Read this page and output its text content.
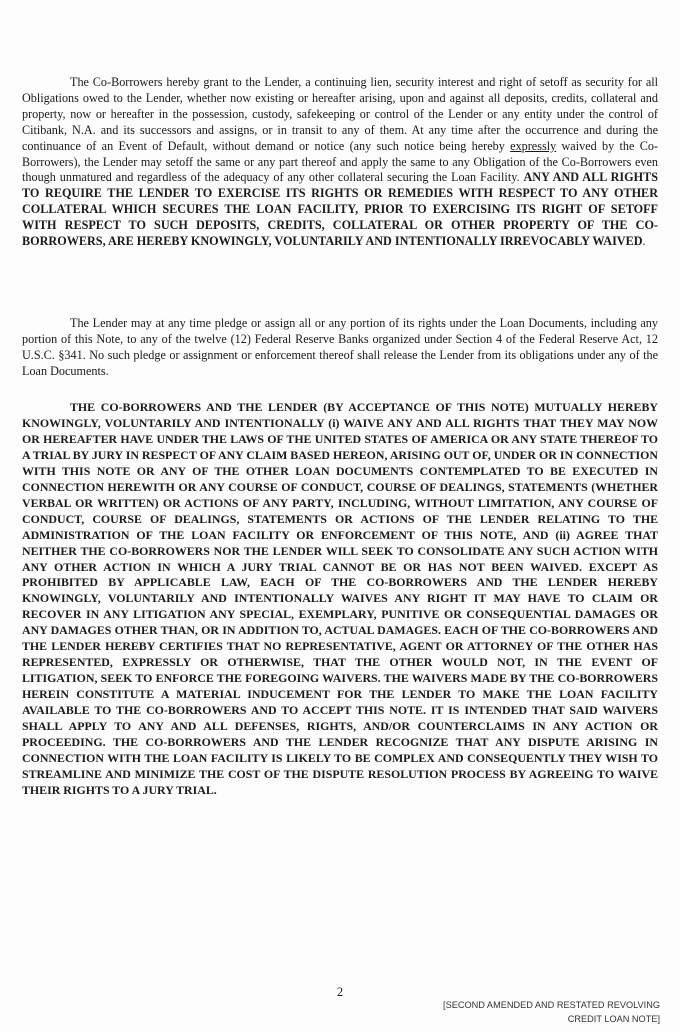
The Co-Borrowers hereby grant to the Lender, a continuing lien, security interest and right of setoff as security for all Obligations owed to the Lender, whether now existing or hereafter arising, upon and against all deposits, credits, collateral and property, now or hereafter in the possession, custody, safekeeping or control of the Lender or any entity under the control of Citibank, N.A. and its successors and assigns, or in transit to any of them. At any time after the occurrence and during the continuance of an Event of Default, without demand or notice (any such notice being hereby expressly waived by the Co-Borrowers), the Lender may setoff the same or any part thereof and apply the same to any Obligation of the Co-Borrowers even though unmatured and regardless of the adequacy of any other collateral securing the Loan Facility. ANY AND ALL RIGHTS TO REQUIRE THE LENDER TO EXERCISE ITS RIGHTS OR REMEDIES WITH RESPECT TO ANY OTHER COLLATERAL WHICH SECURES THE LOAN FACILITY, PRIOR TO EXERCISING ITS RIGHT OF SETOFF WITH RESPECT TO SUCH DEPOSITS, CREDITS, COLLATERAL OR OTHER PROPERTY OF THE CO-BORROWERS, ARE HEREBY KNOWINGLY, VOLUNTARILY AND INTENTIONALLY IRREVOCABLY WAIVED.

The Lender may at any time pledge or assign all or any portion of its rights under the Loan Documents, including any portion of this Note, to any of the twelve (12) Federal Reserve Banks organized under Section 4 of the Federal Reserve Act, 12 U.S.C. §341. No such pledge or assignment or enforcement thereof shall release the Lender from its obligations under any of the Loan Documents.

THE CO-BORROWERS AND THE LENDER (BY ACCEPTANCE OF THIS NOTE) MUTUALLY HEREBY KNOWINGLY, VOLUNTARILY AND INTENTIONALLY (i) WAIVE ANY AND ALL RIGHTS THAT THEY MAY NOW OR HEREAFTER HAVE UNDER THE LAWS OF THE UNITED STATES OF AMERICA OR ANY STATE THEREOF TO A TRIAL BY JURY IN RESPECT OF ANY CLAIM BASED HEREON, ARISING OUT OF, UNDER OR IN CONNECTION WITH THIS NOTE OR ANY OF THE OTHER LOAN DOCUMENTS CONTEMPLATED TO BE EXECUTED IN CONNECTION HEREWITH OR ANY COURSE OF CONDUCT, COURSE OF DEALINGS, STATEMENTS (WHETHER VERBAL OR WRITTEN) OR ACTIONS OF ANY PARTY, INCLUDING, WITHOUT LIMITATION, ANY COURSE OF CONDUCT, COURSE OF DEALINGS, STATEMENTS OR ACTIONS OF THE LENDER RELATING TO THE ADMINISTRATION OF THE LOAN FACILITY OR ENFORCEMENT OF THIS NOTE, AND (ii) AGREE THAT NEITHER THE CO-BORROWERS NOR THE LENDER WILL SEEK TO CONSOLIDATE ANY SUCH ACTION WITH ANY OTHER ACTION IN WHICH A JURY TRIAL CANNOT BE OR HAS NOT BEEN WAIVED. EXCEPT AS PROHIBITED BY APPLICABLE LAW, EACH OF THE CO-BORROWERS AND THE LENDER HEREBY KNOWINGLY, VOLUNTARILY AND INTENTIONALLY WAIVES ANY RIGHT IT MAY HAVE TO CLAIM OR RECOVER IN ANY LITIGATION ANY SPECIAL, EXEMPLARY, PUNITIVE OR CONSEQUENTIAL DAMAGES OR ANY DAMAGES OTHER THAN, OR IN ADDITION TO, ACTUAL DAMAGES. EACH OF THE CO-BORROWERS AND THE LENDER HEREBY CERTIFIES THAT NO REPRESENTATIVE, AGENT OR ATTORNEY OF THE OTHER HAS REPRESENTED, EXPRESSLY OR OTHERWISE, THAT THE OTHER WOULD NOT, IN THE EVENT OF LITIGATION, SEEK TO ENFORCE THE FOREGOING WAIVERS. THE WAIVERS MADE BY THE CO-BORROWERS HEREIN CONSTITUTE A MATERIAL INDUCEMENT FOR THE LENDER TO MAKE THE LOAN FACILITY AVAILABLE TO THE CO-BORROWERS AND TO ACCEPT THIS NOTE. IT IS INTENDED THAT SAID WAIVERS SHALL APPLY TO ANY AND ALL DEFENSES, RIGHTS, AND/OR COUNTERCLAIMS IN ANY ACTION OR PROCEEDING. THE CO-BORROWERS AND THE LENDER RECOGNIZE THAT ANY DISPUTE ARISING IN CONNECTION WITH THE LOAN FACILITY IS LIKELY TO BE COMPLEX AND CONSEQUENTLY THEY WISH TO STREAMLINE AND MINIMIZE THE COST OF THE DISPUTE RESOLUTION PROCESS BY AGREEING TO WAIVE THEIR RIGHTS TO A JURY TRIAL.

2
[SECOND AMENDED AND RESTATED REVOLVING
CREDIT LOAN NOTE]
